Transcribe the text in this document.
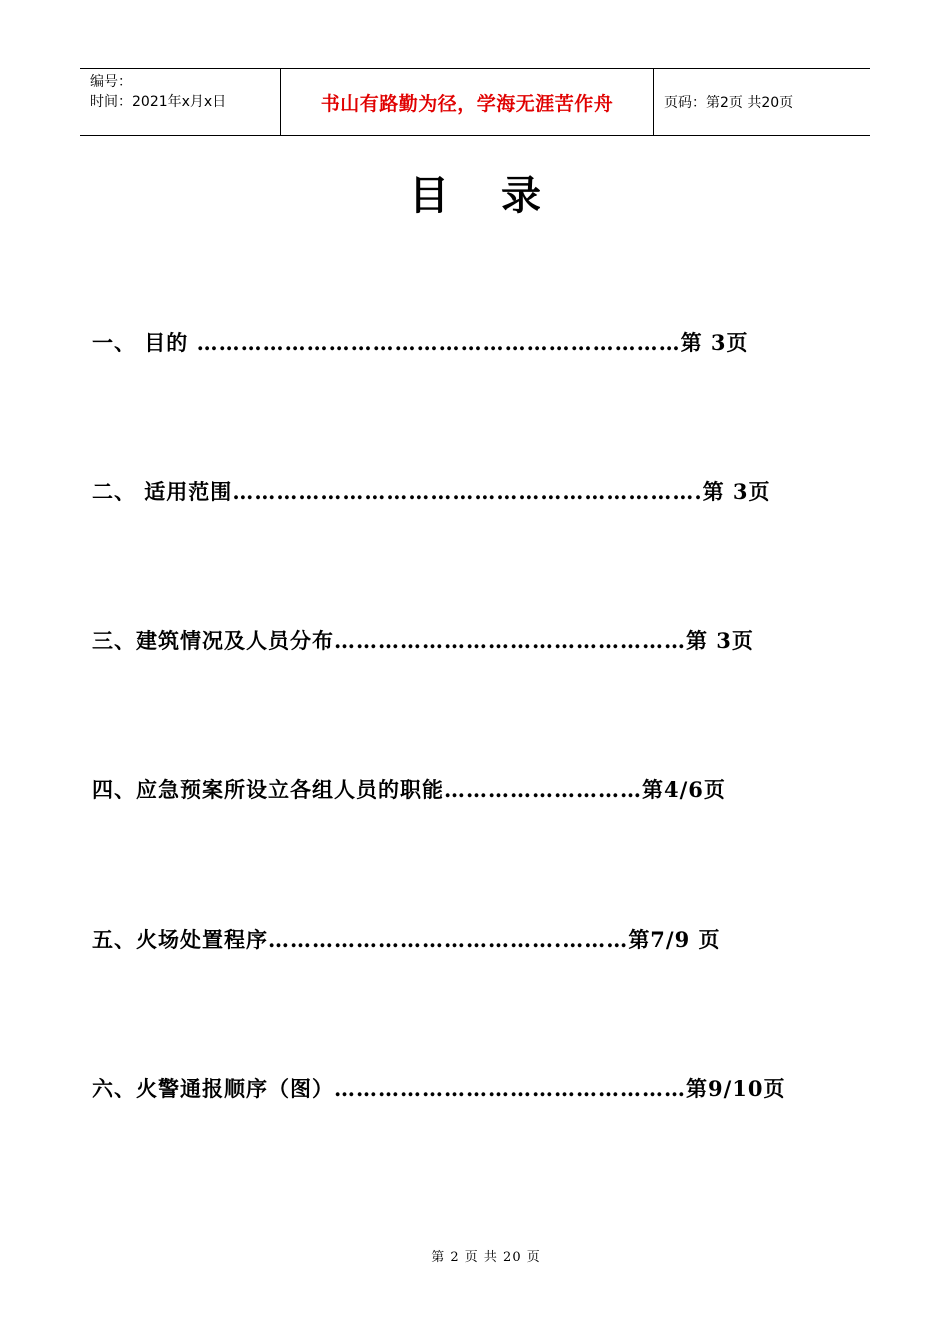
编号：
时间：2021年x月x日	书山有路勤为径，学海无涯苦作舟	页码：第2页 共20页
目录
一、 目的 …………………………………………………………第 3页
二、 适用范围……………………………………………………….第 3页
三、建筑情况及人员分布…………………………………………第 3页
四、应急预案所设立各组人员的职能………………………第4/6页
五、火场处置程序………………………………….………第7/9 页
六、火警通报顺序（图）…………………………………………第9/10页
第 2 页 共 20 页
